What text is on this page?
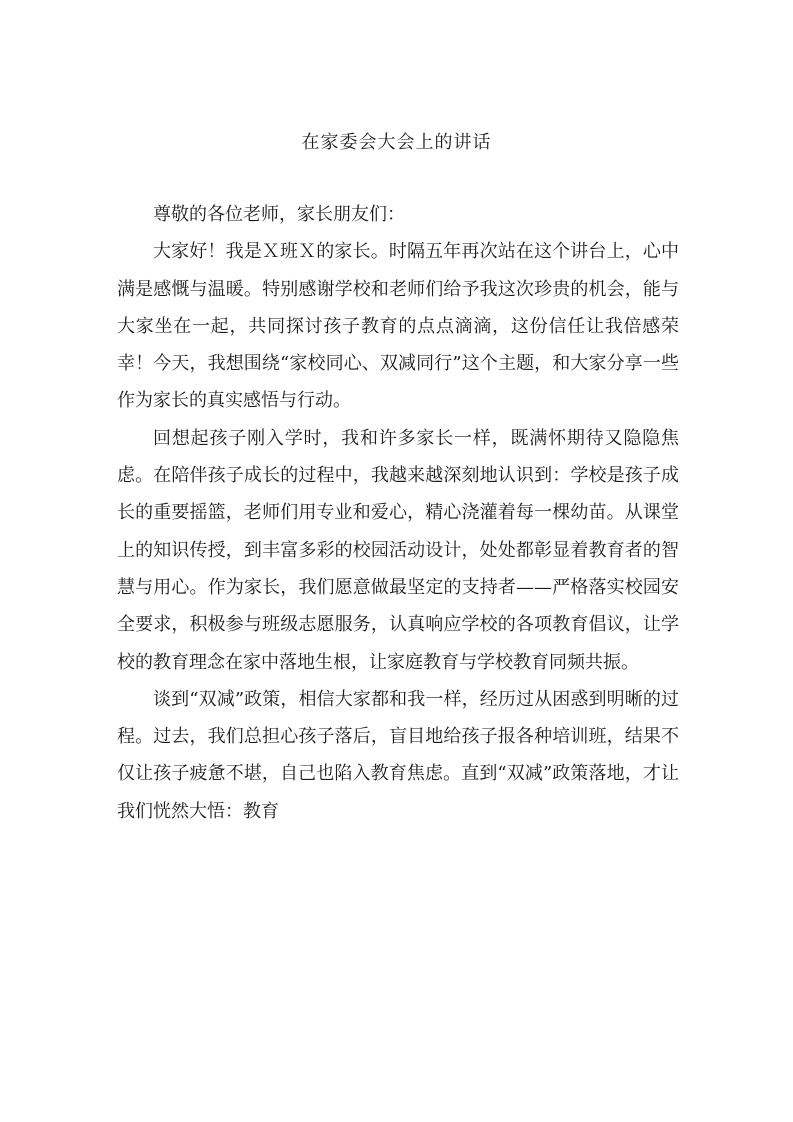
在家委会大会上的讲话

尊敬的各位老师，家长朋友们：

大家好！我是Ｘ班Ｘ的家长。时隔五年再次站在这个讲台上，心中满是感慨与温暖。特别感谢学校和老师们给予我这次珍贵的机会，能与大家坐在一起，共同探讨孩子教育的点点滴滴，这份信任让我倍感荣幸！今天，我想围绕“家校同心、双减同行”这个主题，和大家分享一些作为家长的真实感悟与行动。

回想起孩子刚入学时，我和许多家长一样，既满怀期待又隐隐焦虑。在陪伴孩子成长的过程中，我越来越深刻地认识到：学校是孩子成长的重要摇篮，老师们用专业和爱心，精心浇灌着每一棵幼苗。从课堂上的知识传授，到丰富多彩的校园活动设计，处处都彰显着教育者的智慧与用心。作为家长，我们愿意做最坚定的支持者——严格落实校园安全要求，积极参与班级志愿服务，认真响应学校的各项教育倡议，让学校的教育理念在家中落地生根，让家庭教育与学校教育同频共振。

谈到“双减”政策，相信大家都和我一样，经历过从困惑到明晰的过程。过去，我们总担心孩子落后，盲目地给孩子报各种培训班，结果不仅让孩子疲惫不堪，自己也陷入教育焦虑。直到“双减”政策落地，才让我们恍然大悟：教育
